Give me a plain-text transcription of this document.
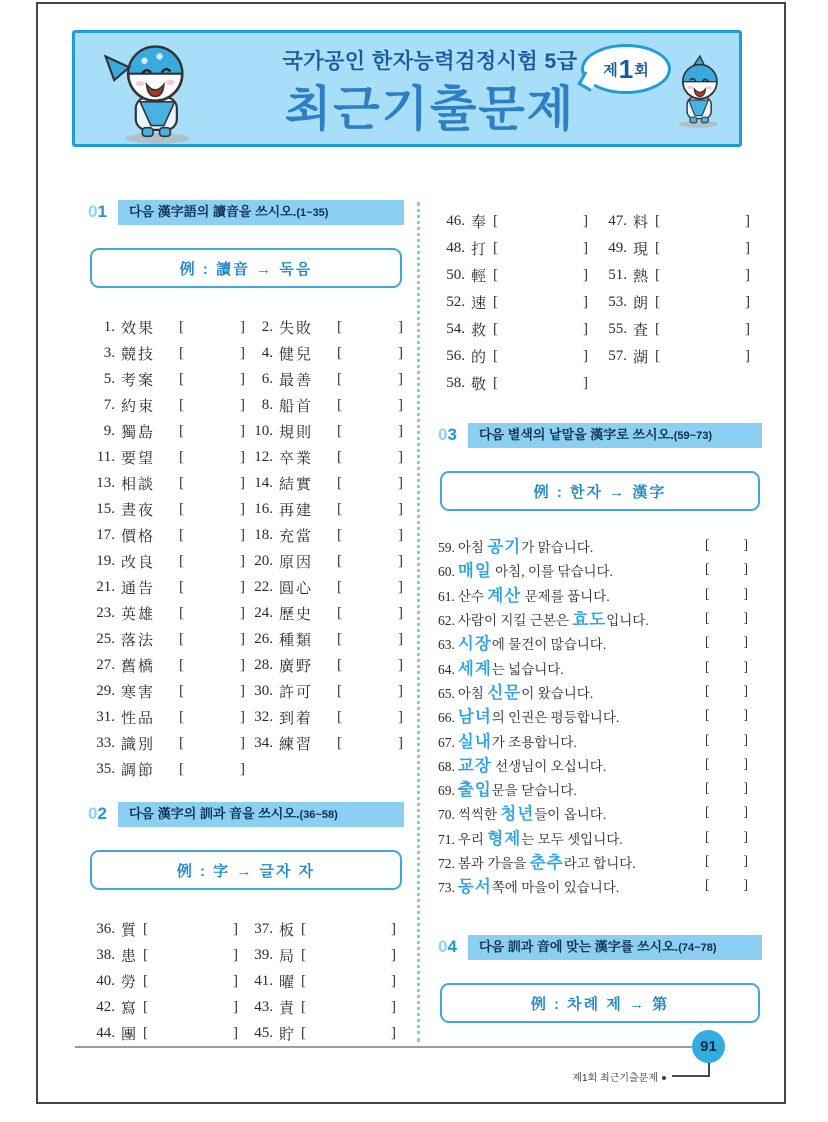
국가공인 한자능력검정시험 5급
최근기출문제
제 1 회
01	다음 漢字語의 讀音을 쓰시오.(1~35)
例 : 讀音 → 독음
1. 效果	[	]	2. 失敗	[	]
3. 競技	[	]	4. 健兒	[	]
5. 考案	[	]	6. 最善	[	]
7. 約束	[	]	8. 船首	[	]
9. 獨島	[	] 10. 規則	[	]
11. 要望	[	] 12. 卒業	[	]
13. 相談	[	] 14. 結實	[	]
15. 晝夜	[	] 16. 再建	[	]
17. 價格	[	] 18. 充當	[	]
19. 改良	[	] 20. 原因	[	]
21. 通告	[	] 22. 圓心	[	]
23. 英雄	[	] 24. 歷史	[	]
25. 落法	[	] 26. 種類	[	]
27. 舊橋	[	] 28. 廣野	[	]
29. 寒害	[	] 30. 許可	[	]
31. 性品	[	] 32. 到着	[	]
33. 識別	[	] 34. 練習	[	]
35. 調節	[	]
02	다음 漢字의 訓과 音을 쓰시오.(36~58)
例 : 字 → 글자 자
36. 質 [	]	37. 板 [	]
38. 患 [	]	39. 局 [	]
40. 勞 [	]	41. 曜 [	]
42. 寫 [	]	43. 責 [	]
44. 團 [	]	45. 貯 [	]
46. 奉 [	]	47. 料 [	]
48. 打 [	]	49. 現 [	]
50. 輕 [	]	51. 熱 [	]
52. 速 [	]	53. 朗 [	]
54. 救 [	]	55. 査 [	]
56. 的 [	]	57. 湖 [	]
58. 敬 [	]
03	다음 별색의 낱말을 漢字로 쓰시오.(59~73)
例 : 한자 → 漢字
59. 아침 공기가 맑습니다.	[	]
60. 매일 아침, 이를 닦습니다.	[	]
61. 산수 계산 문제를 풉니다.	[	]
62. 사람이 지킬 근본은 효도입니다.	[	]
63. 시장에 물건이 많습니다.	[	]
64. 세계는 넓습니다.	[	]
65. 아침 신문이 왔습니다.	[	]
66. 남녀의 인권은 평등합니다.	[	]
67. 실내가 조용합니다.	[	]
68. 교장 선생님이 오십니다.	[	]
69. 출입문을 닫습니다.	[	]
70. 씩씩한 청년들이 옵니다.	[	]
71. 우리 형제는 모두 셋입니다.	[	]
72. 봄과 가을을 춘추라고 합니다.	[	]
73. 동서쪽에 마을이 있습니다.	[	]
04	다음 訓과 音에 맞는 漢字를 쓰시오.(74~78)
例 : 차례 제 → 第
91
제1회 최근기출문제
